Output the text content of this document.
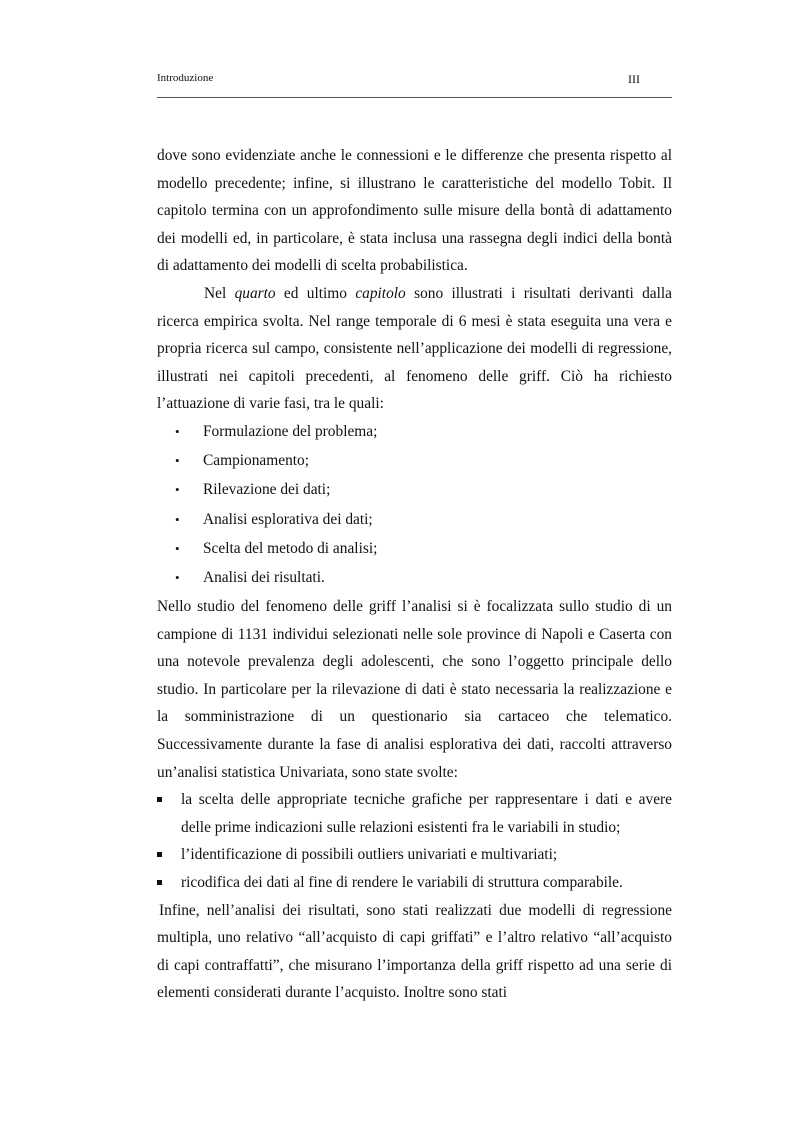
Introduzione	III

dove sono evidenziate anche le connessioni e le differenze che presenta rispetto al modello precedente; infine, si illustrano le caratteristiche del modello Tobit. Il capitolo termina con un approfondimento sulle misure della bontà di adattamento dei modelli ed, in particolare, è stata inclusa una rassegna degli indici della bontà di adattamento dei modelli di scelta probabilistica.

Nel quarto ed ultimo capitolo sono illustrati i risultati derivanti dalla ricerca empirica svolta. Nel range temporale di 6 mesi è stata eseguita una vera e propria ricerca sul campo, consistente nell’applicazione dei modelli di regressione, illustrati nei capitoli precedenti, al fenomeno delle griff. Ciò ha richiesto l’attuazione di varie fasi, tra le quali:

• Formulazione del problema;
• Campionamento;
• Rilevazione dei dati;
• Analisi esplorativa dei dati;
• Scelta del metodo di analisi;
• Analisi dei risultati.

Nello studio del fenomeno delle griff l’analisi si è focalizzata sullo studio di un campione di 1131 individui selezionati nelle sole province di Napoli e Caserta con una notevole prevalenza degli adolescenti, che sono l’oggetto principale dello studio. In particolare per la rilevazione di dati è stato necessaria la realizzazione e la somministrazione di un questionario sia cartaceo che telematico. Successivamente durante la fase di analisi esplorativa dei dati, raccolti attraverso un’analisi statistica Univariata, sono state svolte:

la scelta delle appropriate tecniche grafiche per rappresentare i dati e avere delle prime indicazioni sulle relazioni esistenti fra le variabili in studio;
l’identificazione di possibili outliers univariati e multivariati;
ricodifica dei dati al fine di rendere le variabili di struttura comparabile.

Infine, nell’analisi dei risultati, sono stati realizzati due modelli di regressione multipla, uno relativo “all’acquisto di capi griffati” e l’altro relativo “all’acquisto di capi contraffatti”, che misurano l’importanza della griff rispetto ad una serie di elementi considerati durante l’acquisto. Inoltre sono stati
